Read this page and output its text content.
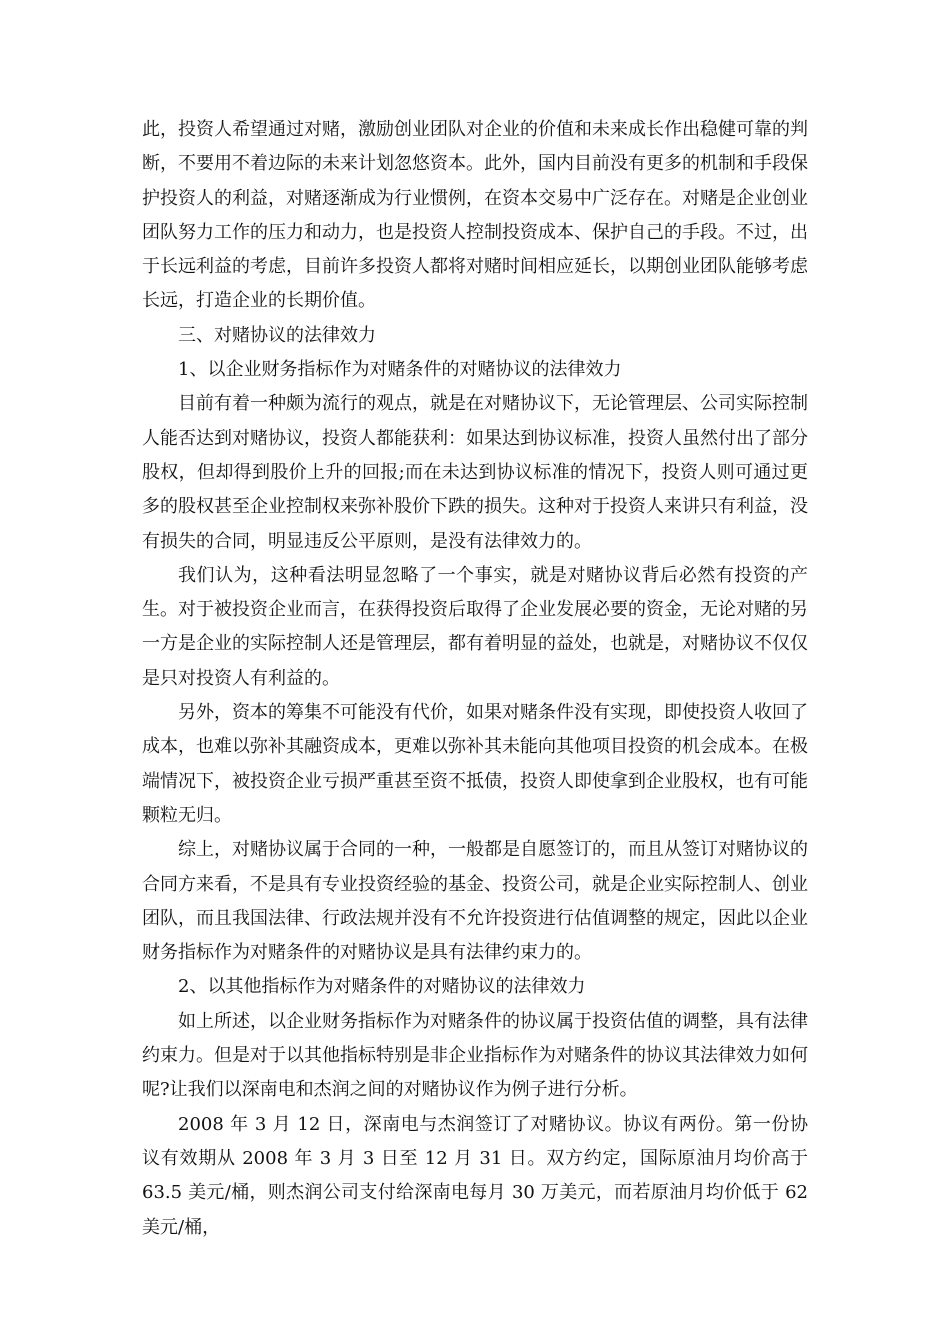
此，投资人希望通过对赌，激励创业团队对企业的价值和未来成长作出稳健可靠的判断，不要用不着边际的未来计划忽悠资本。此外，国内目前没有更多的机制和手段保护投资人的利益，对赌逐渐成为行业惯例，在资本交易中广泛存在。对赌是企业创业团队努力工作的压力和动力，也是投资人控制投资成本、保护自己的手段。不过，出于长远利益的考虑，目前许多投资人都将对赌时间相应延长，以期创业团队能够考虑长远，打造企业的长期价值。

三、对赌协议的法律效力

1、以企业财务指标作为对赌条件的对赌协议的法律效力

目前有着一种颇为流行的观点，就是在对赌协议下，无论管理层、公司实际控制人能否达到对赌协议，投资人都能获利：如果达到协议标准，投资人虽然付出了部分股权，但却得到股价上升的回报;而在未达到协议标准的情况下，投资人则可通过更多的股权甚至企业控制权来弥补股价下跌的损失。这种对于投资人来讲只有利益，没有损失的合同，明显违反公平原则，是没有法律效力的。

我们认为，这种看法明显忽略了一个事实，就是对赌协议背后必然有投资的产生。对于被投资企业而言，在获得投资后取得了企业发展必要的资金，无论对赌的另一方是企业的实际控制人还是管理层，都有着明显的益处，也就是，对赌协议不仅仅是只对投资人有利益的。

另外，资本的筹集不可能没有代价，如果对赌条件没有实现，即使投资人收回了成本，也难以弥补其融资成本，更难以弥补其未能向其他项目投资的机会成本。在极端情况下，被投资企业亏损严重甚至资不抵债，投资人即使拿到企业股权，也有可能颗粒无归。

综上，对赌协议属于合同的一种，一般都是自愿签订的，而且从签订对赌协议的合同方来看，不是具有专业投资经验的基金、投资公司，就是企业实际控制人、创业团队，而且我国法律、行政法规并没有不允许投资进行估值调整的规定，因此以企业财务指标作为对赌条件的对赌协议是具有法律约束力的。

2、以其他指标作为对赌条件的对赌协议的法律效力

如上所述，以企业财务指标作为对赌条件的协议属于投资估值的调整，具有法律约束力。但是对于以其他指标特别是非企业指标作为对赌条件的协议其法律效力如何呢?让我们以深南电和杰润之间的对赌协议作为例子进行分析。

2008 年 3 月 12 日，深南电与杰润签订了对赌协议。协议有两份。第一份协议有效期从 2008 年 3 月 3 日至 12 月 31 日。双方约定，国际原油月均价高于 63.5 美元/桶，则杰润公司支付给深南电每月 30 万美元，而若原油月均价低于 62 美元/桶，
